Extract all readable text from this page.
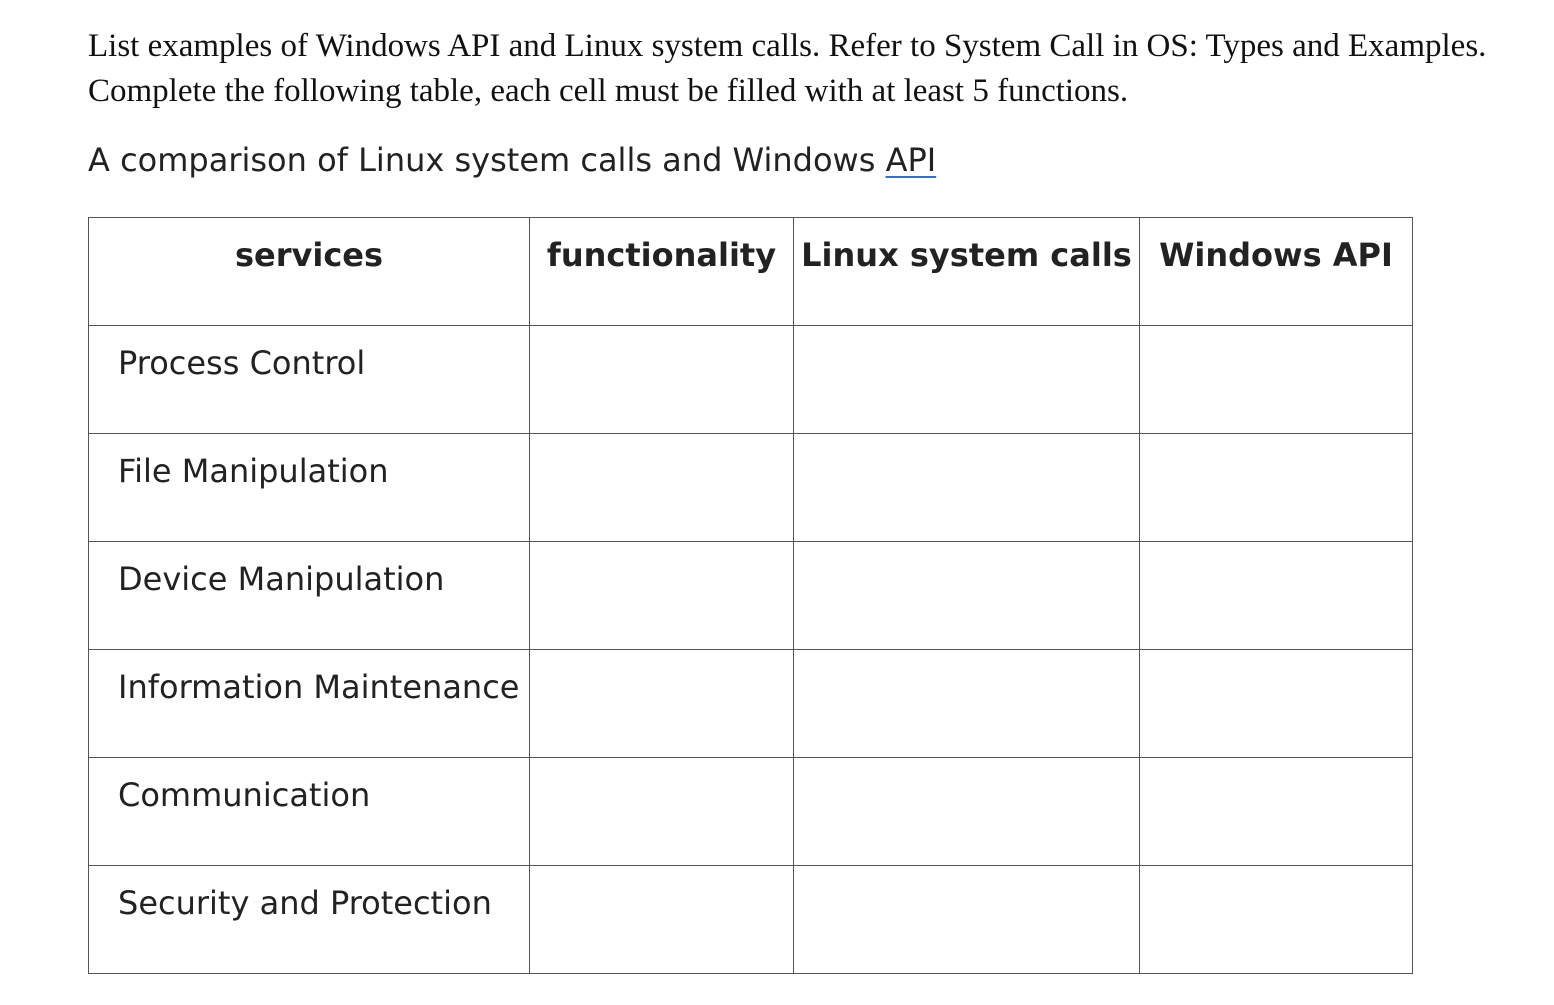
List examples of Windows API and Linux system calls. Refer to System Call in OS: Types and Examples. Complete the following table, each cell must be filled with at least 5 functions.

A comparison of Linux system calls and Windows API

services	functionality	Linux system calls	Windows API
Process Control			
File Manipulation			
Device Manipulation			
Information Maintenance			
Communication			
Security and Protection			
